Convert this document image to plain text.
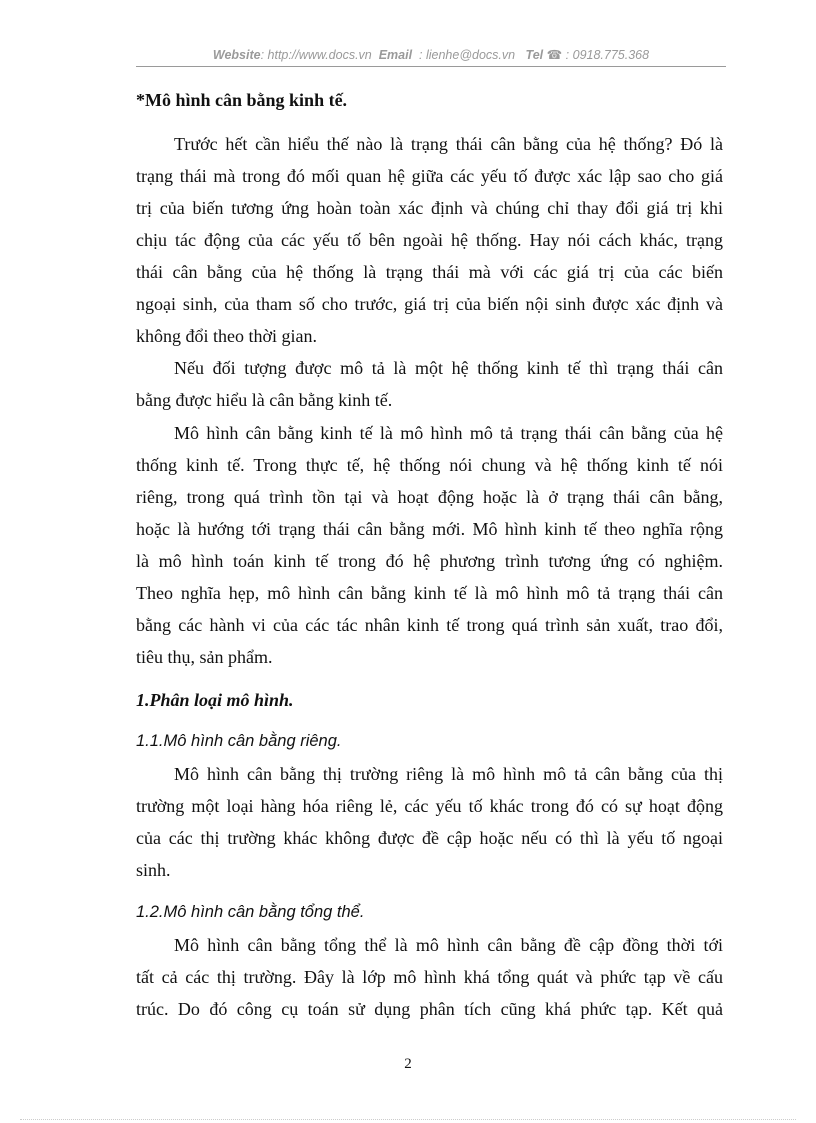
Website: http://www.docs.vn Email : lienhe@docs.vn Tel ☎ : 0918.775.368
*Mô hình cân bằng kinh tế.
Trước hết cần hiểu thế nào là trạng thái cân bằng của hệ thống? Đó là
trạng thái mà trong đó mối quan hệ giữa các yếu tố được xác lập sao cho giá
trị của biến tương ứng hoàn toàn xác định và chúng chỉ thay đổi giá trị khi
chịu tác động của các yếu tố bên ngoài hệ thống. Hay nói cách khác, trạng
thái cân bằng của hệ thống là trạng thái mà với các giá trị của các biến
ngoại sinh, của tham số cho trước, giá trị của biến nội sinh được xác định và
không đổi theo thời gian.
Nếu đối tượng được mô tả là một hệ thống kinh tế thì trạng thái cân
bằng được hiểu là cân bằng kinh tế.
Mô hình cân bằng kinh tế là mô hình mô tả trạng thái cân bằng của hệ
thống kinh tế. Trong thực tế, hệ thống nói chung và hệ thống kinh tế nói
riêng, trong quá trình tồn tại và hoạt động hoặc là ở trạng thái cân bằng,
hoặc là hướng tới trạng thái cân bằng mới. Mô hình kinh tế theo nghĩa rộng
là mô hình toán kinh tế trong đó hệ phương trình tương ứng có nghiệm.
Theo nghĩa hẹp, mô hình cân bằng kinh tế là mô hình mô tả trạng thái cân
bằng các hành vi của các tác nhân kinh tế trong quá trình sản xuất, trao đổi,
tiêu thụ, sản phẩm.
1.Phân loại mô hình.
1.1.Mô hình cân bằng riêng.
Mô hình cân bằng thị trường riêng là mô hình mô tả cân bằng của thị
trường một loại hàng hóa riêng lẻ, các yếu tố khác trong đó có sự hoạt động
của các thị trường khác không được đề cập hoặc nếu có thì là yếu tố ngoại
sinh.
1.2.Mô hình cân bằng tổng thể.
Mô hình cân bằng tổng thể là mô hình cân bằng đề cập đồng thời tới
tất cả các thị trường. Đây là lớp mô hình khá tổng quát và phức tạp về cấu
trúc. Do đó công cụ toán sử dụng phân tích cũng khá phức tạp. Kết quả
2
